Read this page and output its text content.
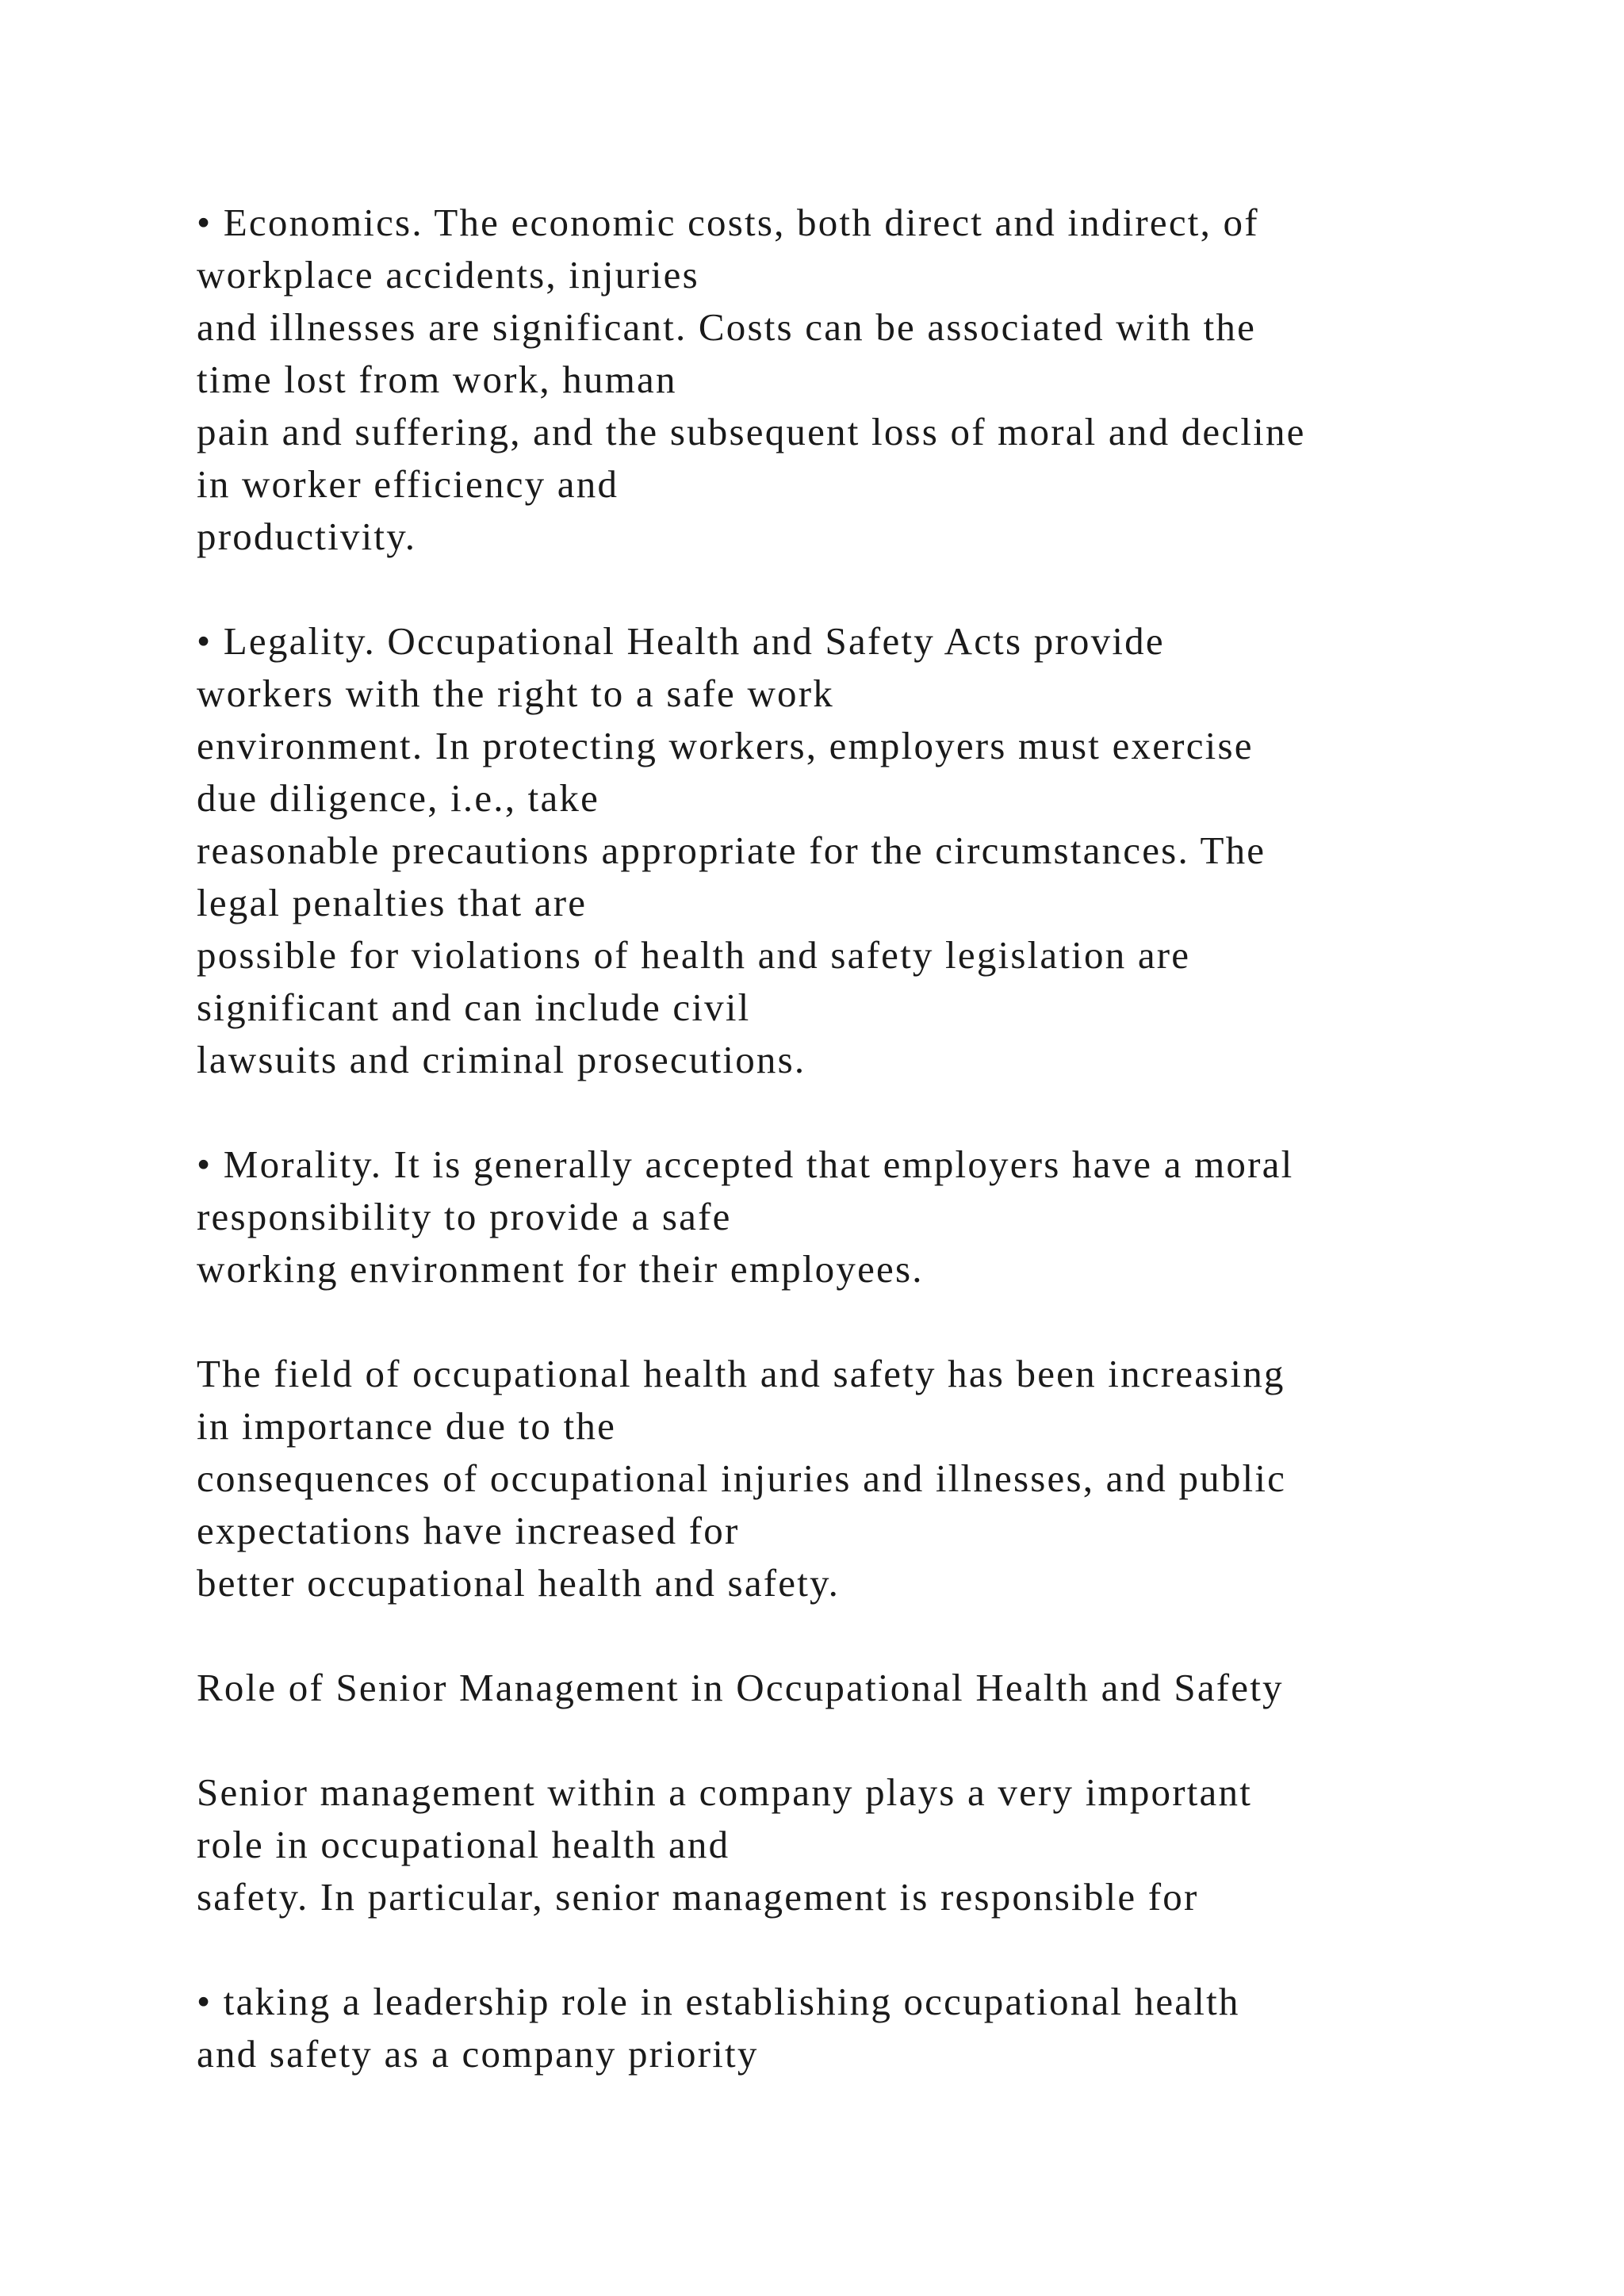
• Economics. The economic costs, both direct and indirect, of
workplace accidents, injuries
and illnesses are significant. Costs can be associated with the
time lost from work, human
pain and suffering, and the subsequent loss of moral and decline
in worker efficiency and
productivity.
• Legality. Occupational Health and Safety Acts provide
workers with the right to a safe work
environment. In protecting workers, employers must exercise
due diligence, i.e., take
reasonable precautions appropriate for the circumstances. The
legal penalties that are
possible for violations of health and safety legislation are
significant and can include civil
lawsuits and criminal prosecutions.
• Morality. It is generally accepted that employers have a moral
responsibility to provide a safe
working environment for their employees.
The field of occupational health and safety has been increasing
in importance due to the
consequences of occupational injuries and illnesses, and public
expectations have increased for
better occupational health and safety.
Role of Senior Management in Occupational Health and Safety
Senior management within a company plays a very important
role in occupational health and
safety. In particular, senior management is responsible for
• taking a leadership role in establishing occupational health
and safety as a company priority
